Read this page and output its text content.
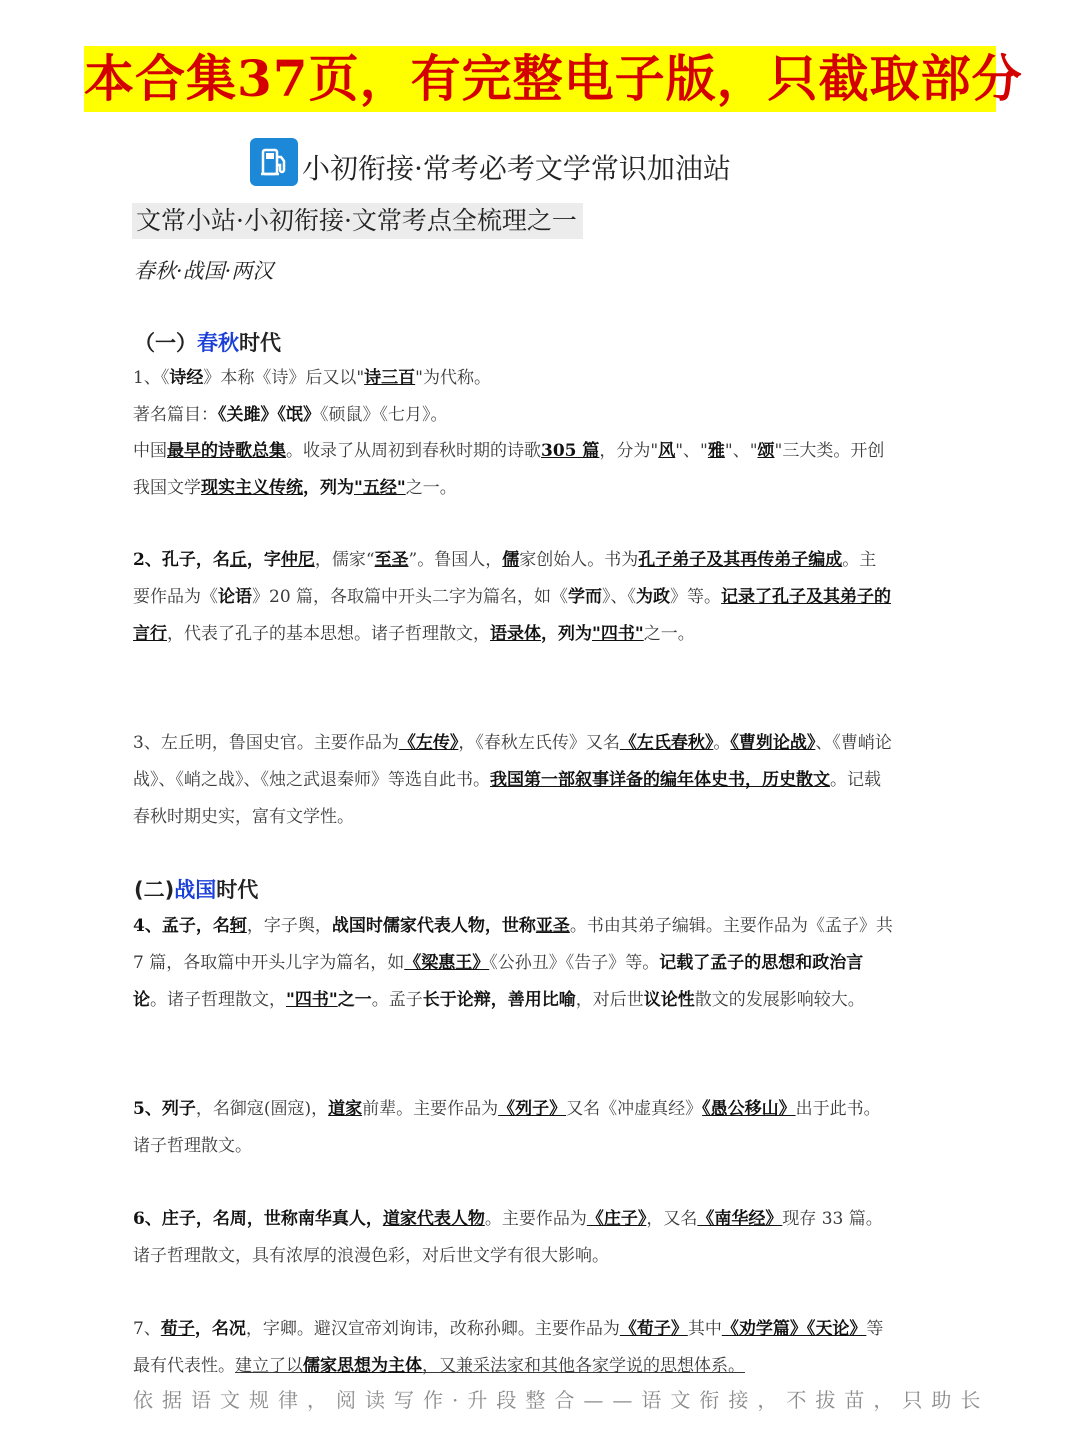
本合集37页，有完整电子版，只截取部分
小初衔接·常考必考文学常识加油站
文常小站·小初衔接·文常考点全梳理之一
春秋·战国·两汉
（一）春秋时代

1、《诗经》本称《诗》后又以"诗三百"为代称。

著名篇目：《关雎》《氓》《硕鼠》《七月》。

中国最早的诗歌总集。收录了从周初到春秋时期的诗歌305 篇，分为"风"、"雅"、"颂"三大类。开创我国文学现实主义传统，列为"五经"之一。

2、孔子，名丘，字仲尼，儒家“至圣”。鲁国人，儒家创始人。书为孔子弟子及其再传弟子编成。主要作品为《论语》20 篇，各取篇中开头二字为篇名，如《学而》、《为政》等。记录了孔子及其弟子的言行，代表了孔子的基本思想。诸子哲理散文，语录体，列为"四书"之一。

3、左丘明，鲁国史官。主要作品为《左传》，《春秋左氏传》又名《左氏春秋》。《曹刿论战》、《曹峭论战》、《峭之战》、《烛之武退秦师》等选自此书。我国第一部叙事详备的编年体史书，历史散文。记载春秋时期史实，富有文学性。

(二)战国时代

4、孟子，名轲，字子舆，战国时儒家代表人物，世称亚圣。书由其弟子编辑。主要作品为《孟子》共 7 篇，各取篇中开头儿字为篇名，如《梁惠王》《公孙丑》《告子》等。记载了孟子的思想和政治言论。诸子哲理散文，"四书"之一。孟子长于论辩，善用比喻，对后世议论性散文的发展影响较大。

5、列子，名御寇(圄寇)，道家前辈。主要作品为《列子》又名《冲虚真经》《愚公移山》出于此书。诸子哲理散文。

6、庄子，名周，世称南华真人，道家代表人物。主要作品为《庄子》，又名《南华经》现存 33 篇。诸子哲理散文，具有浓厚的浪漫色彩，对后世文学有很大影响。

7、荀子，名况，字卿。避汉宣帝刘询讳，改称孙卿。主要作品为《荀子》其中《劝学篇》《天论》等最有代表性。建立了以儒家思想为主体，又兼采法家和其他各家学说的思想体系。

依据语文规律，阅读写作·升段整合——语文衔接，不拔苗，只助长
